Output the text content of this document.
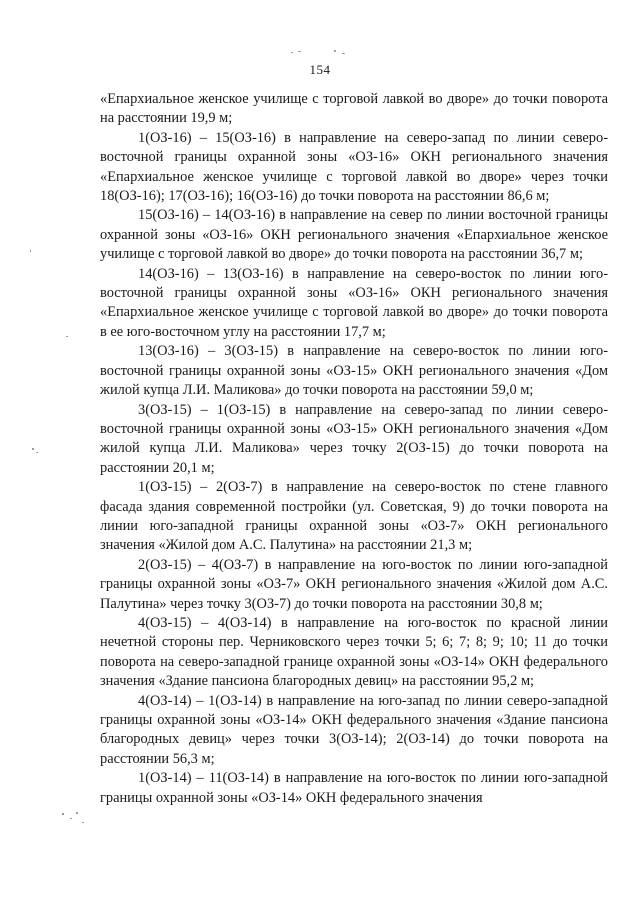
154

«Епархиальное женское училище с торговой лавкой во дворе» до точки поворота на расстоянии 19,9 м;

1(ОЗ-16) – 15(ОЗ-16) в направление на северо-запад по линии северо-восточной границы охранной зоны «ОЗ-16» ОКН регионального значения «Епархиальное женское училище с торговой лавкой во дворе» через точки 18(ОЗ-16); 17(ОЗ-16); 16(ОЗ-16) до точки поворота на расстоянии 86,6 м;

15(ОЗ-16) – 14(ОЗ-16) в направление на север по линии восточной границы охранной зоны «ОЗ-16» ОКН регионального значения «Епархиальное женское училище с торговой лавкой во дворе» до точки поворота на расстоянии 36,7 м;

14(ОЗ-16) – 13(ОЗ-16) в направление на северо-восток по линии юго-восточной границы охранной зоны «ОЗ-16» ОКН регионального значения «Епархиальное женское училище с торговой лавкой во дворе» до точки поворота в ее юго-восточном углу на расстоянии 17,7 м;

13(ОЗ-16) – 3(ОЗ-15) в направление на северо-восток по линии юго-восточной границы охранной зоны «ОЗ-15» ОКН регионального значения «Дом жилой купца Л.И. Маликова» до точки поворота на расстоянии 59,0 м;

3(ОЗ-15) – 1(ОЗ-15) в направление на северо-запад по линии северо-восточной границы охранной зоны «ОЗ-15» ОКН регионального значения «Дом жилой купца Л.И. Маликова» через точку 2(ОЗ-15) до точки поворота на расстоянии 20,1 м;

1(ОЗ-15) – 2(ОЗ-7) в направление на северо-восток по стене главного фасада здания современной постройки (ул. Советская, 9) до точки поворота на линии юго-западной границы охранной зоны «ОЗ-7» ОКН регионального значения «Жилой дом А.С. Палутина» на расстоянии 21,3 м;

2(ОЗ-15) – 4(ОЗ-7) в направление на юго-восток по линии юго-западной границы охранной зоны «ОЗ-7» ОКН регионального значения «Жилой дом А.С. Палутина» через точку 3(ОЗ-7) до точки поворота на расстоянии 30,8 м;

4(ОЗ-15) – 4(ОЗ-14) в направление на юго-восток по красной линии нечетной стороны пер. Черниковского через точки 5; 6; 7; 8; 9; 10; 11 до точки поворота на северо-западной границе охранной зоны «ОЗ-14» ОКН федерального значения «Здание пансиона благородных девиц» на расстоянии 95,2 м;

4(ОЗ-14) – 1(ОЗ-14) в направление на юго-запад по линии северо-западной границы охранной зоны «ОЗ-14» ОКН федерального значения «Здание пансиона благородных девиц» через точки 3(ОЗ-14); 2(ОЗ-14) до точки поворота на расстоянии 56,3 м;

1(ОЗ-14) – 11(ОЗ-14) в направление на юго-восток по линии юго-западной границы охранной зоны «ОЗ-14» ОКН федерального значения
